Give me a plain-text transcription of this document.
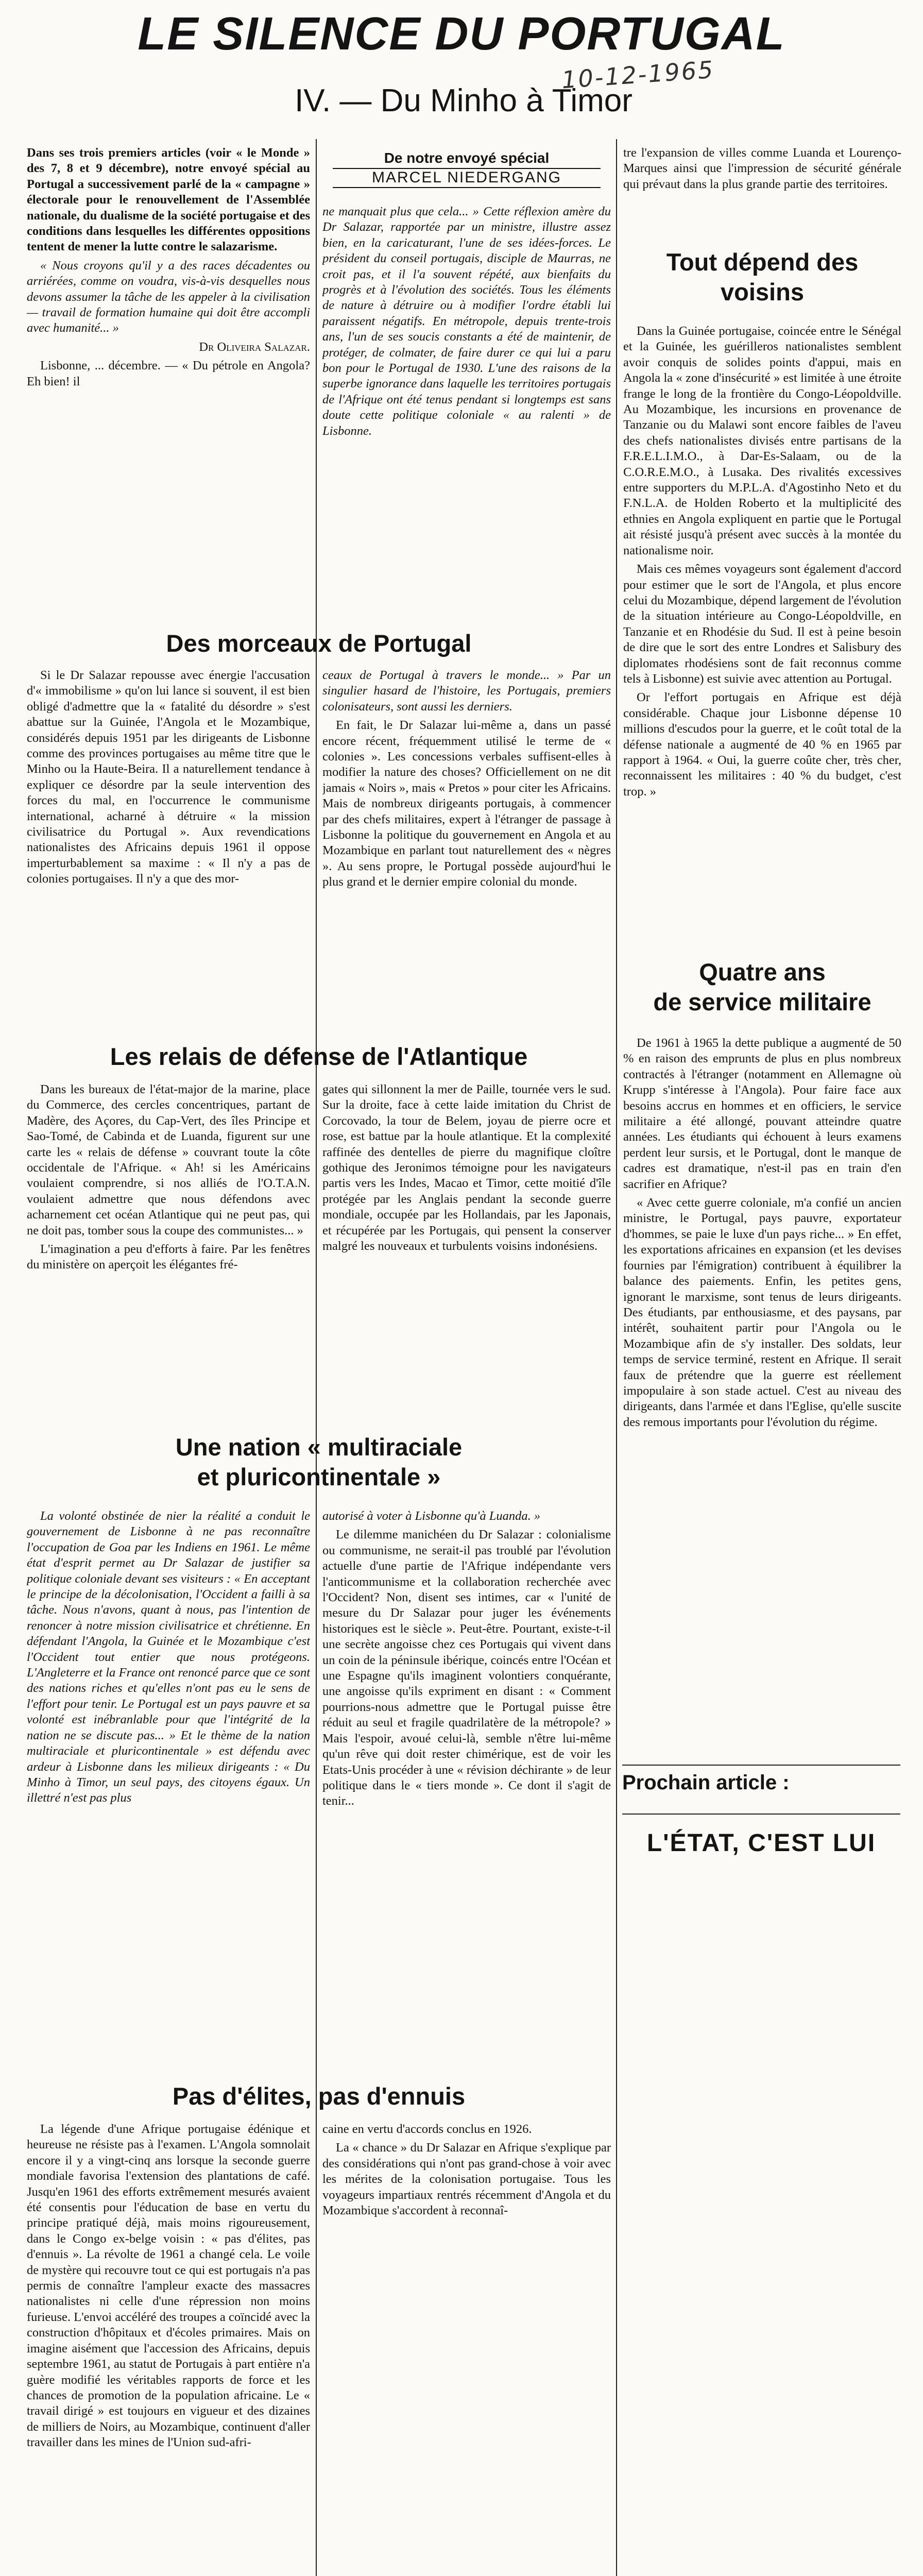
LE SILENCE DU PORTUGAL
10-12-1965
IV. — Du Minho à Timor

Dans ses trois premiers articles (voir « le Monde » des 7, 8 et 9 décembre), notre envoyé spécial au Portugal a successivement parlé de la « campagne » électorale pour le renouvellement de l'Assemblée nationale, du dualisme de la société portugaise et des conditions dans lesquelles les différentes oppositions tentent de mener la lutte contre le salazarisme.

« Nous croyons qu'il y a des races décadentes ou arriérées, comme on voudra, vis-à-vis desquelles nous devons assumer la tâche de les appeler à la civilisation — travail de formation humaine qui doit être accompli avec humanité... »

Dr Oliveira Salazar.

Lisbonne, ... décembre. — « Du pétrole en Angola? Eh bien! il

De notre envoyé spécial
MARCEL NIEDERGANG

ne manquait plus que cela... » Cette réflexion amère du Dr Salazar, rapportée par un ministre, illustre assez bien, en la caricaturant, l'une de ses idées-forces. Le président du conseil portugais, disciple de Maurras, ne croit pas, et il l'a souvent répété, aux bienfaits du progrès et à l'évolution des sociétés. Tous les éléments de nature à détruire ou à modifier l'ordre établi lui paraissent négatifs. En métropole, depuis trente-trois ans, l'un de ses soucis constants a été de maintenir, de protéger, de colmater, de faire durer ce qui lui a paru bon pour le Portugal de 1930. L'une des raisons de la superbe ignorance dans laquelle les territoires portugais de l'Afrique ont été tenus pendant si longtemps est sans doute cette politique coloniale « au ralenti » de Lisbonne.

tre l'expansion de villes comme Luanda et Lourenço-Marques ainsi que l'impression de sécurité générale qui prévaut dans la plus grande partie des territoires.

Tout dépend des voisins

Dans la Guinée portugaise, coincée entre le Sénégal et la Guinée, les guérilleros nationalistes semblent avoir conquis de solides points d'appui, mais en Angola la « zone d'insécurité » est limitée à une étroite frange le long de la frontière du Congo-Léopoldville. Au Mozambique, les incursions en provenance de Tanzanie ou du Malawi sont encore faibles de l'aveu des chefs nationalistes divisés entre partisans de la F.R.E.L.I.M.O., à Dar-Es-Salaam, ou de la C.O.R.E.M.O., à Lusaka. Des rivalités excessives entre supporters du M.P.L.A. d'Agostinho Neto et du F.N.L.A. de Holden Roberto et la multiplicité des ethnies en Angola expliquent en partie que le Portugal ait résisté jusqu'à présent avec succès à la montée du nationalisme noir.

Mais ces mêmes voyageurs sont également d'accord pour estimer que le sort de l'Angola, et plus encore celui du Mozambique, dépend largement de l'évolution de la situation intérieure au Congo-Léopoldville, en Tanzanie et en Rhodésie du Sud. Il est à peine besoin de dire que le sort des entre Londres et Salisbury des diplomates rhodésiens sont de fait reconnus comme tels à Lisbonne) est suivie avec attention au Portugal.

Or l'effort portugais en Afrique est déjà considérable. Chaque jour Lisbonne dépense 10 millions d'escudos pour la guerre, et le coût total de la défense nationale a augmenté de 40 % en 1965 par rapport à 1964. « Oui, la guerre coûte cher, très cher, reconnaissent les militaires : 40 % du budget, c'est trop. »

Quatre ans
de service militaire

De 1961 à 1965 la dette publique a augmenté de 50 % en raison des emprunts de plus en plus nombreux contractés à l'étranger (notamment en Allemagne où Krupp s'intéresse à l'Angola). Pour faire face aux besoins accrus en hommes et en officiers, le service militaire a été allongé, pouvant atteindre quatre années. Les étudiants qui échouent à leurs examens perdent leur sursis, et le Portugal, dont le manque de cadres est dramatique, n'est-il pas en train d'en sacrifier en Afrique?

« Avec cette guerre coloniale, m'a confié un ancien ministre, le Portugal, pays pauvre, exportateur d'hommes, se paie le luxe d'un pays riche... » En effet, les exportations africaines en expansion (et les devises fournies par l'émigration) contribuent à équilibrer la balance des paiements. Enfin, les petites gens, ignorant le marxisme, sont tenus de leurs dirigeants. Des étudiants, par enthousiasme, et des paysans, par intérêt, souhaitent partir pour l'Angola ou le Mozambique afin de s'y installer. Des soldats, leur temps de service terminé, restent en Afrique. Il serait faux de prétendre que la guerre est réellement impopulaire à son stade actuel. C'est au niveau des dirigeants, dans l'armée et dans l'Eglise, qu'elle suscite des remous importants pour l'évolution du régime.

Prochain article :
L'ÉTAT, C'EST LUI
Des morceaux de Portugal

Si le Dr Salazar repousse avec énergie l'accusation d'« immobilisme » qu'on lui lance si souvent, il est bien obligé d'admettre que la « fatalité du désordre » s'est abattue sur la Guinée, l'Angola et le Mozambique, considérés depuis 1951 par les dirigeants de Lisbonne comme des provinces portugaises au même titre que le Minho ou la Haute-Beira. Il a naturellement tendance à expliquer ce désordre par la seule intervention des forces du mal, en l'occurrence le communisme international, acharné à détruire « la mission civilisatrice du Portugal ». Aux revendications nationalistes des Africains depuis 1961 il oppose imperturbablement sa maxime : « Il n'y a pas de colonies portugaises. Il n'y a que des mor-

ceaux de Portugal à travers le monde... » Par un singulier hasard de l'histoire, les Portugais, premiers colonisateurs, sont aussi les derniers.

En fait, le Dr Salazar lui-même a, dans un passé encore récent, fréquemment utilisé le terme de « colonies ». Les concessions verbales suffisent-elles à modifier la nature des choses? Officiellement on ne dit jamais « Noirs », mais « Pretos » pour citer les Africains. Mais de nombreux dirigeants portugais, à commencer par des chefs militaires, expert à l'étranger de passage à Lisbonne la politique du gouvernement en Angola et au Mozambique en parlant tout naturellement des « nègres ». Au sens propre, le Portugal possède aujourd'hui le plus grand et le dernier empire colonial du monde.

Les relais de défense de l'Atlantique

Dans les bureaux de l'état-major de la marine, place du Commerce, des cercles concentriques, partant de Madère, des Açores, du Cap-Vert, des îles Principe et Sao-Tomé, de Cabinda et de Luanda, figurent sur une carte les « relais de défense » couvrant toute la côte occidentale de l'Afrique. « Ah! si les Américains voulaient comprendre, si nos alliés de l'O.T.A.N. voulaient admettre que nous défendons avec acharnement cet océan Atlantique qui ne peut pas, qui ne doit pas, tomber sous la coupe des communistes... »

L'imagination a peu d'efforts à faire. Par les fenêtres du ministère on aperçoit les élégantes fré-

gates qui sillonnent la mer de Paille, tournée vers le sud. Sur la droite, face à cette laide imitation du Christ de Corcovado, la tour de Belem, joyau de pierre ocre et rose, est battue par la houle atlantique. Et la complexité raffinée des dentelles de pierre du magnifique cloître gothique des Jeronimos témoigne pour les navigateurs partis vers les Indes, Macao et Timor, cette moitié d'île protégée par les Anglais pendant la seconde guerre mondiale, occupée par les Hollandais, par les Japonais, et récupérée par les Portugais, qui pensent la conserver malgré les nouveaux et turbulents voisins indonésiens.

Une nation « multiraciale
et pluricontinentale »

La volonté obstinée de nier la réalité a conduit le gouvernement de Lisbonne à ne pas reconnaître l'occupation de Goa par les Indiens en 1961. Le même état d'esprit permet au Dr Salazar de justifier sa politique coloniale devant ses visiteurs : « En acceptant le principe de la décolonisation, l'Occident a failli à sa tâche. Nous n'avons, quant à nous, pas l'intention de renoncer à notre mission civilisatrice et chrétienne. En défendant l'Angola, la Guinée et le Mozambique c'est l'Occident tout entier que nous protégeons. L'Angleterre et la France ont renoncé parce que ce sont des nations riches et qu'elles n'ont pas eu le sens de l'effort pour tenir. Le Portugal est un pays pauvre et sa volonté est inébranlable pour que l'intégrité de la nation ne se discute pas... » Et le thème de la nation multiraciale et pluricontinentale » est défendu avec ardeur à Lisbonne dans les milieux dirigeants : « Du Minho à Timor, un seul pays, des citoyens égaux. Un illettré n'est pas plus

autorisé à voter à Lisbonne qu'à Luanda. »

Le dilemme manichéen du Dr Salazar : colonialisme ou communisme, ne serait-il pas troublé par l'évolution actuelle d'une partie de l'Afrique indépendante vers l'anticommunisme et la collaboration recherchée avec l'Occident? Non, disent ses intimes, car « l'unité de mesure du Dr Salazar pour juger les événements historiques est le siècle ». Peut-être. Pourtant, existe-t-il une secrète angoisse chez ces Portugais qui vivent dans un coin de la péninsule ibérique, coincés entre l'Océan et une Espagne qu'ils imaginent volontiers conquérante, une angoisse qu'ils expriment en disant : « Comment pourrions-nous admettre que le Portugal puisse être réduit au seul et fragile quadrilatère de la métropole? » Mais l'espoir, avoué celui-là, semble n'être lui-même qu'un rêve qui doit rester chimérique, est de voir les Etats-Unis procéder à une « révision déchirante » de leur politique dans le « tiers monde ». Ce dont il s'agit de tenir...

Pas d'élites, pas d'ennuis

La légende d'une Afrique portugaise édénique et heureuse ne résiste pas à l'examen. L'Angola somnolait encore il y a vingt-cinq ans lorsque la seconde guerre mondiale favorisa l'extension des plantations de café. Jusqu'en 1961 des efforts extrêmement mesurés avaient été consentis pour l'éducation de base en vertu du principe pratiqué déjà, mais moins rigoureusement, dans le Congo ex-belge voisin : « pas d'élites, pas d'ennuis ». La révolte de 1961 a changé cela. Le voile de mystère qui recouvre tout ce qui est portugais n'a pas permis de connaître l'ampleur exacte des massacres nationalistes ni celle d'une répression non moins furieuse. L'envoi accéléré des troupes a coïncidé avec la construction d'hôpitaux et d'écoles primaires. Mais on imagine aisément que l'accession des Africains, depuis septembre 1961, au statut de Portugais à part entière n'a guère modifié les véritables rapports de force et les chances de promotion de la population africaine. Le « travail dirigé » est toujours en vigueur et des dizaines de milliers de Noirs, au Mozambique, continuent d'aller travailler dans les mines de l'Union sud-afri-

caine en vertu d'accords conclus en 1926.

La « chance » du Dr Salazar en Afrique s'explique par des considérations qui n'ont pas grand-chose à voir avec les mérites de la colonisation portugaise. Tous les voyageurs impartiaux rentrés récemment d'Angola et du Mozambique s'accordent à reconnaî-
